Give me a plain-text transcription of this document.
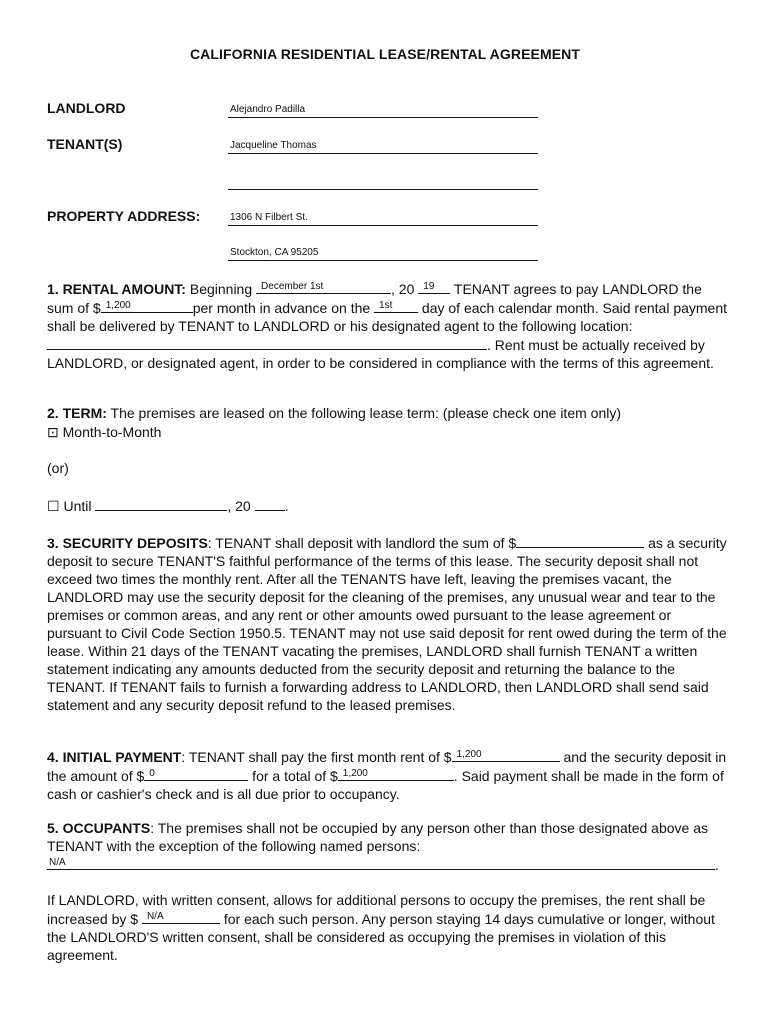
CALIFORNIA RESIDENTIAL LEASE/RENTAL AGREEMENT
LANDLORD	Alejandro Padilla
TENANT(S)	Jacqueline Thomas
PROPERTY ADDRESS:	1306 N Filbert St.
Stockton, CA 95205
1. RENTAL AMOUNT: Beginning December 1st	, 20 19 TENANT agrees to pay LANDLORD the sum of $ 1,200	per month in advance on the 1st day of each calendar month. Said rental payment shall be delivered by TENANT to LANDLORD or his designated agent to the following location:
. Rent must be actually received by LANDLORD, or designated agent, in order to be considered in compliance with the terms of this agreement.
2. TERM: The premises are leased on the following lease term: (please check one item only)
⊡ Month-to-Month
(or)
☐ Until	, 20
.
3. SECURITY DEPOSITS: TENANT shall deposit with landlord the sum of $	as a security deposit to secure TENANT'S faithful performance of the terms of this lease. The security deposit shall not exceed two times the monthly rent. After all the TENANTS have left, leaving the premises vacant, the LANDLORD may use the security deposit for the cleaning of the premises, any unusual wear and tear to the premises or common areas, and any rent or other amounts owed pursuant to the lease agreement or pursuant to Civil Code Section 1950.5. TENANT may not use said deposit for rent owed during the term of the lease. Within 21 days of the TENANT vacating the premises, LANDLORD shall furnish TENANT a written statement indicating any amounts deducted from the security deposit and returning the balance to the TENANT. If TENANT fails to furnish a forwarding address to LANDLORD, then LANDLORD shall send said statement and any security deposit refund to the leased premises.
4. INITIAL PAYMENT: TENANT shall pay the first month rent of $ 1,200	and the security deposit in the amount of $ 0	for a total of $ 1,200	. Said payment shall be made in the form of cash or cashier's check and is all due prior to occupancy.
5. OCCUPANTS: The premises shall not be occupied by any person other than those designated above as TENANT with the exception of the following named persons:
N/A	.
If LANDLORD, with written consent, allows for additional persons to occupy the premises, the rent shall be increased by $ N/A	for each such person. Any person staying 14 days cumulative or longer, without the LANDLORD'S written consent, shall be considered as occupying the premises in violation of this agreement.
